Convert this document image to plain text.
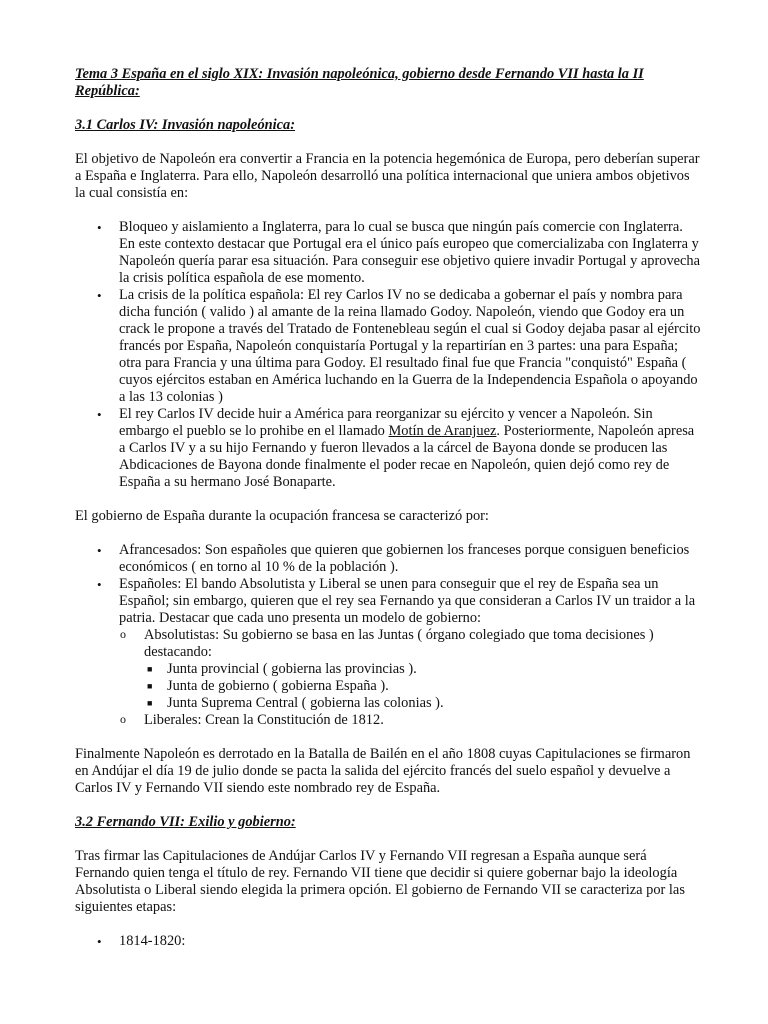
Tema 3 España en el siglo XIX: Invasión napoleónica, gobierno desde Fernando VII hasta la II República:

3.1 Carlos IV: Invasión napoleónica:

El objetivo de Napoleón era convertir a Francia en la potencia hegemónica de Europa, pero deberían superar a España e Inglaterra. Para ello, Napoleón desarrolló una política internacional que uniera ambos objetivos la cual consistía en:

• Bloqueo y aislamiento a Inglaterra, para lo cual se busca que ningún país comercie con Inglaterra. En este contexto destacar que Portugal era el único país europeo que comercializaba con Inglaterra y Napoleón quería parar esa situación. Para conseguir ese objetivo quiere invadir Portugal y aprovecha la crisis política española de ese momento.
• La crisis de la política española: El rey Carlos IV no se dedicaba a gobernar el país y nombra para dicha función ( valido ) al amante de la reina llamado Godoy. Napoleón, viendo que Godoy era un crack le propone a través del Tratado de Fontenebleau según el cual si Godoy dejaba pasar al ejército francés por España, Napoleón conquistaría Portugal y la repartirían en 3 partes: una para España; otra para Francia y una última para Godoy. El resultado final fue que Francia "conquistó" España ( cuyos ejércitos estaban en América luchando en la Guerra de la Independencia Española o apoyando a las 13 colonias )
• El rey Carlos IV decide huir a América para reorganizar su ejército y vencer a Napoleón. Sin embargo el pueblo se lo prohibe en el llamado Motín de Aranjuez. Posteriormente, Napoleón apresa a Carlos IV y a su hijo Fernando y fueron llevados a la cárcel de Bayona donde se producen las Abdicaciones de Bayona donde finalmente el poder recae en Napoleón, quien dejó como rey de España a su hermano José Bonaparte.

El gobierno de España durante la ocupación francesa se caracterizó por:

• Afrancesados: Son españoles que quieren que gobiernen los franceses porque consiguen beneficios económicos ( en torno al 10 % de la población ).
• Españoles: El bando Absolutista y Liberal se unen para conseguir que el rey de España sea un Español; sin embargo, quieren que el rey sea Fernando ya que consideran a Carlos IV un traidor a la patria. Destacar que cada uno presenta un modelo de gobierno:
o Absolutistas: Su gobierno se basa en las Juntas ( órgano colegiado que toma decisiones ) destacando:
■ Junta provincial ( gobierna las provincias ).
■ Junta de gobierno ( gobierna España ).
■ Junta Suprema Central ( gobierna las colonias ).
o Liberales: Crean la Constitución de 1812.

Finalmente Napoleón es derrotado en la Batalla de Bailén en el año 1808 cuyas Capitulaciones se firmaron en Andújar el día 19 de julio donde se pacta la salida del ejército francés del suelo español y devuelve a Carlos IV y Fernando VII siendo este nombrado rey de España.

3.2 Fernando VII: Exilio y gobierno:

Tras firmar las Capitulaciones de Andújar Carlos IV y Fernando VII regresan a España aunque será Fernando quien tenga el título de rey. Fernando VII tiene que decidir si quiere gobernar bajo la ideología Absolutista o Liberal siendo elegida la primera opción. El gobierno de Fernando VII se caracteriza por las siguientes etapas:

• 1814-1820:
